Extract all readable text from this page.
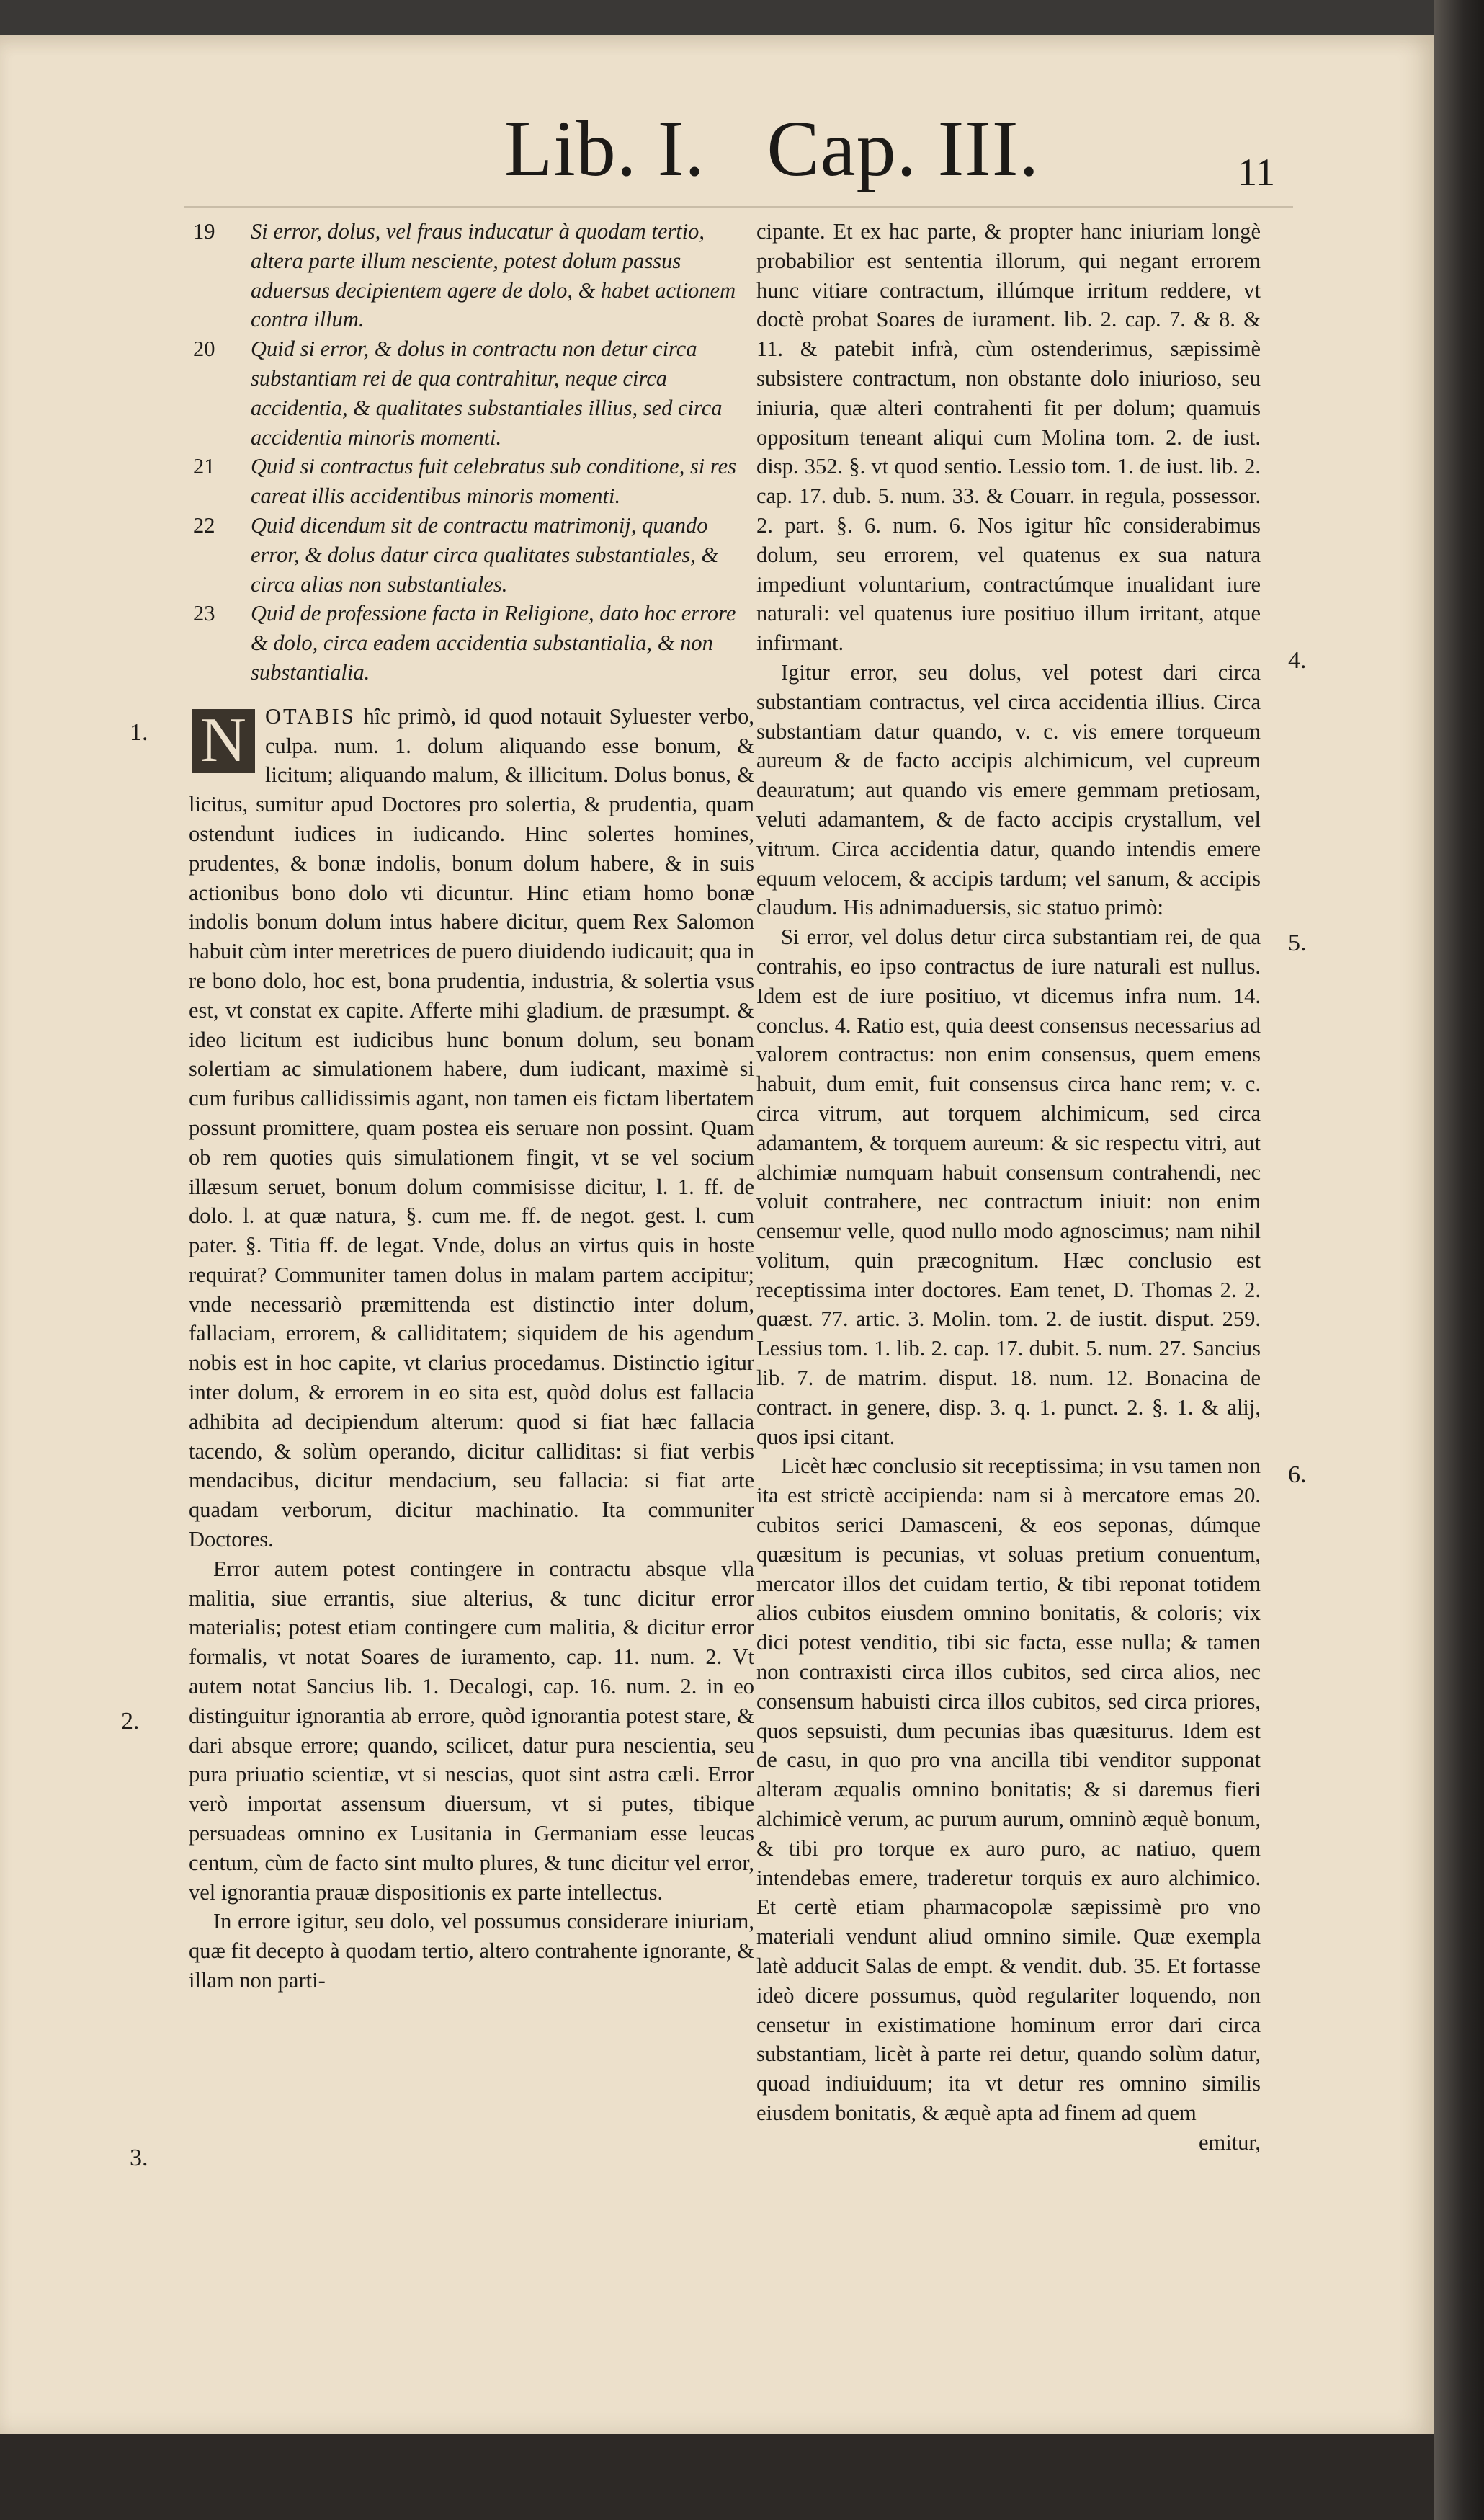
Lib. I. Cap. III.	11
1.
2.
3.
4.
5.
6.

19 Si error, dolus, vel fraus inducatur à quodam tertio, altera parte illum nesciente, potest dolum passus aduersus decipientem agere de dolo, & habet actionem contra illum.

20 Quid si error, & dolus in contractu non detur circa substantiam rei de qua contrahitur, neque circa accidentia, & qualitates substantiales illius, sed circa accidentia minoris momenti.

21 Quid si contractus fuit celebratus sub conditione, si res careat illis accidentibus minoris momenti.

22 Quid dicendum sit de contractu matrimonij, quando error, & dolus datur circa qualitates substantiales, & circa alias non substantiales.

23 Quid de professione facta in Religione, dato hoc errore & dolo, circa eadem accidentia substantialia, & non substantialia.

N OTABIS hîc primò, id quod notauit Syluester verbo, culpa. num. 1. dolum aliquando esse bonum, & licitum; aliquando malum, & illicitum. Dolus bonus, & licitus, sumitur apud Doctores pro solertia, & prudentia, quam ostendunt iudices in iudicando. Hinc solertes homines, prudentes, & bonæ indolis, bonum dolum habere, & in suis actionibus bono dolo vti dicuntur. Hinc etiam homo bonæ indolis bonum dolum intus habere dicitur, quem Rex Salomon habuit cùm inter meretrices de puero diuidendo iudicauit; qua in re bono dolo, hoc est, bona prudentia, industria, & solertia vsus est, vt constat ex capite. Afferte mihi gladium. de præsumpt. & ideo licitum est iudicibus hunc bonum dolum, seu bonam solertiam ac simulationem habere, dum iudicant, maximè si cum furibus callidissimis agant, non tamen eis fictam libertatem possunt promittere, quam postea eis seruare non possint. Quam ob rem quoties quis simulationem fingit, vt se vel socium illæsum seruet, bonum dolum commisisse dicitur, l. 1. ff. de dolo. l. at quæ natura, §. cum me. ff. de negot. gest. l. cum pater. §. Titia ff. de legat. Vnde, dolus an virtus quis in hoste requirat? Communiter tamen dolus in malam partem accipitur; vnde necessariò præmittenda est distinctio inter dolum, fallaciam, errorem, & calliditatem; siquidem de his agendum nobis est in hoc capite, vt clarius procedamus. Distinctio igitur inter dolum, & errorem in eo sita est, quòd dolus est fallacia adhibita ad decipiendum alterum: quod si fiat hæc fallacia tacendo, & solùm operando, dicitur calliditas: si fiat verbis mendacibus, dicitur mendacium, seu fallacia: si fiat arte quadam verborum, dicitur machinatio. Ita communiter Doctores.

Error autem potest contingere in contractu absque vlla malitia, siue errantis, siue alterius, & tunc dicitur error materialis; potest etiam contingere cum malitia, & dicitur error formalis, vt notat Soares de iuramento, cap. 11. num. 2. Vt autem notat Sancius lib. 1. Decalogi, cap. 16. num. 2. in eo distinguitur ignorantia ab errore, quòd ignorantia potest stare, & dari absque errore; quando, scilicet, datur pura nescientia, seu pura priuatio scientiæ, vt si nescias, quot sint astra cæli. Error verò importat assensum diuersum, vt si putes, tibique persuadeas omnino ex Lusitania in Germaniam esse leucas centum, cùm de facto sint multo plures, & tunc dicitur vel error, vel ignorantia prauæ dispositionis ex parte intellectus.

In errore igitur, seu dolo, vel possumus considerare iniuriam, quæ fit decepto à quodam tertio, altero contrahente ignorante, & illam non parti-

cipante. Et ex hac parte, & propter hanc iniuriam longè probabilior est sententia illorum, qui negant errorem hunc vitiare contractum, illúmque irritum reddere, vt doctè probat Soares de iurament. lib. 2. cap. 7. & 8. & 11. & patebit infrà, cùm ostenderimus, sæpissimè subsistere contractum, non obstante dolo iniurioso, seu iniuria, quæ alteri contrahenti fit per dolum; quamuis oppositum teneant aliqui cum Molina tom. 2. de iust. disp. 352. §. vt quod sentio. Lessio tom. 1. de iust. lib. 2. cap. 17. dub. 5. num. 33. & Couarr. in regula, possessor. 2. part. §. 6. num. 6. Nos igitur hîc considerabimus dolum, seu errorem, vel quatenus ex sua natura impediunt voluntarium, contractúmque inualidant iure naturali: vel quatenus iure positiuo illum irritant, atque infirmant.

Igitur error, seu dolus, vel potest dari circa substantiam contractus, vel circa accidentia illius. Circa substantiam datur quando, v. c. vis emere torqueum aureum & de facto accipis alchimicum, vel cupreum deauratum; aut quando vis emere gemmam pretiosam, veluti adamantem, & de facto accipis crystallum, vel vitrum. Circa accidentia datur, quando intendis emere equum velocem, & accipis tardum; vel sanum, & accipis claudum. His adnimaduersis, sic statuo primò:

Si error, vel dolus detur circa substantiam rei, de qua contrahis, eo ipso contractus de iure naturali est nullus. Idem est de iure positiuo, vt dicemus infra num. 14. conclus. 4. Ratio est, quia deest consensus necessarius ad valorem contractus: non enim consensus, quem emens habuit, dum emit, fuit consensus circa hanc rem; v. c. circa vitrum, aut torquem alchimicum, sed circa adamantem, & torquem aureum: & sic respectu vitri, aut alchimiæ numquam habuit consensum contrahendi, nec voluit contrahere, nec contractum iniuit: non enim censemur velle, quod nullo modo agnoscimus; nam nihil volitum, quin præcognitum. Hæc conclusio est receptissima inter doctores. Eam tenet, D. Thomas 2. 2. quæst. 77. artic. 3. Molin. tom. 2. de iustit. disput. 259. Lessius tom. 1. lib. 2. cap. 17. dubit. 5. num. 27. Sancius lib. 7. de matrim. disput. 18. num. 12. Bonacina de contract. in genere, disp. 3. q. 1. punct. 2. §. 1. & alij, quos ipsi citant.

Licèt hæc conclusio sit receptissima; in vsu tamen non ita est strictè accipienda: nam si à mercatore emas 20. cubitos serici Damasceni, & eos seponas, dúmque quæsitum is pecunias, vt soluas pretium conuentum, mercator illos det cuidam tertio, & tibi reponat totidem alios cubitos eiusdem omnino bonitatis, & coloris; vix dici potest venditio, tibi sic facta, esse nulla; & tamen non contraxisti circa illos cubitos, sed circa alios, nec consensum habuisti circa illos cubitos, sed circa priores, quos sepsuisti, dum pecunias ibas quæsiturus. Idem est de casu, in quo pro vna ancilla tibi venditor supponat alteram æqualis omnino bonitatis; & si daremus fieri alchimicè verum, ac purum aurum, omninò æquè bonum, & tibi pro torque ex auro puro, ac natiuo, quem intendebas emere, traderetur torquis ex auro alchimico. Et certè etiam pharmacopolæ sæpissimè pro vno materiali vendunt aliud omnino simile. Quæ exempla latè adducit Salas de empt. & vendit. dub. 35. Et fortasse ideò dicere possumus, quòd regulariter loquendo, non censetur in existimatione hominum error dari circa substantiam, licèt à parte rei detur, quando solùm datur, quoad indiuiduum; ita vt detur res omnino similis eiusdem bonitatis, & æquè apta ad finem ad quem

emitur,
